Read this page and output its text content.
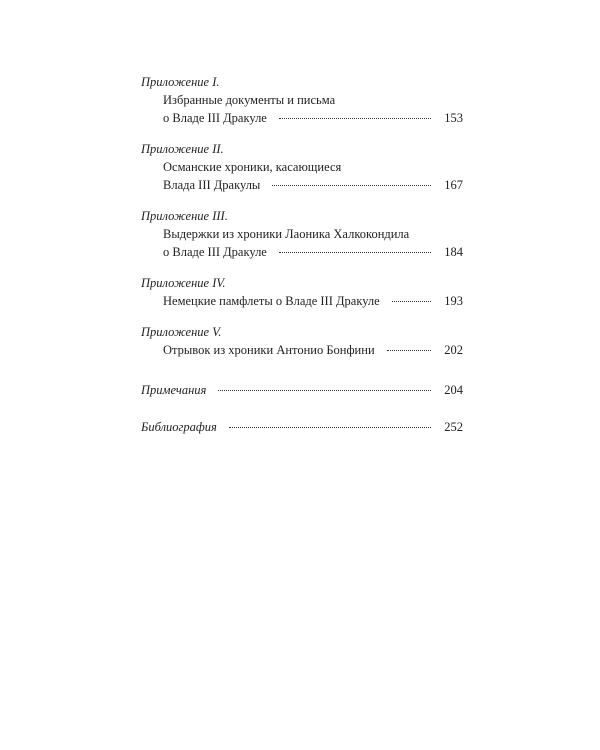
Приложение I.
Избранные документы и письма
о Владе III Дракуле	153
Приложение II.
Османские хроники, касающиеся
Влада III Дракулы	167
Приложение III.
Выдержки из хроники Лаоника Халкокондила
о Владе III Дракуле	184
Приложение IV.
Немецкие памфлеты о Владе III Дракуле	193
Приложение V.
Отрывок из хроники Антонио Бонфини	202
Примечания	204
Библиография	252
